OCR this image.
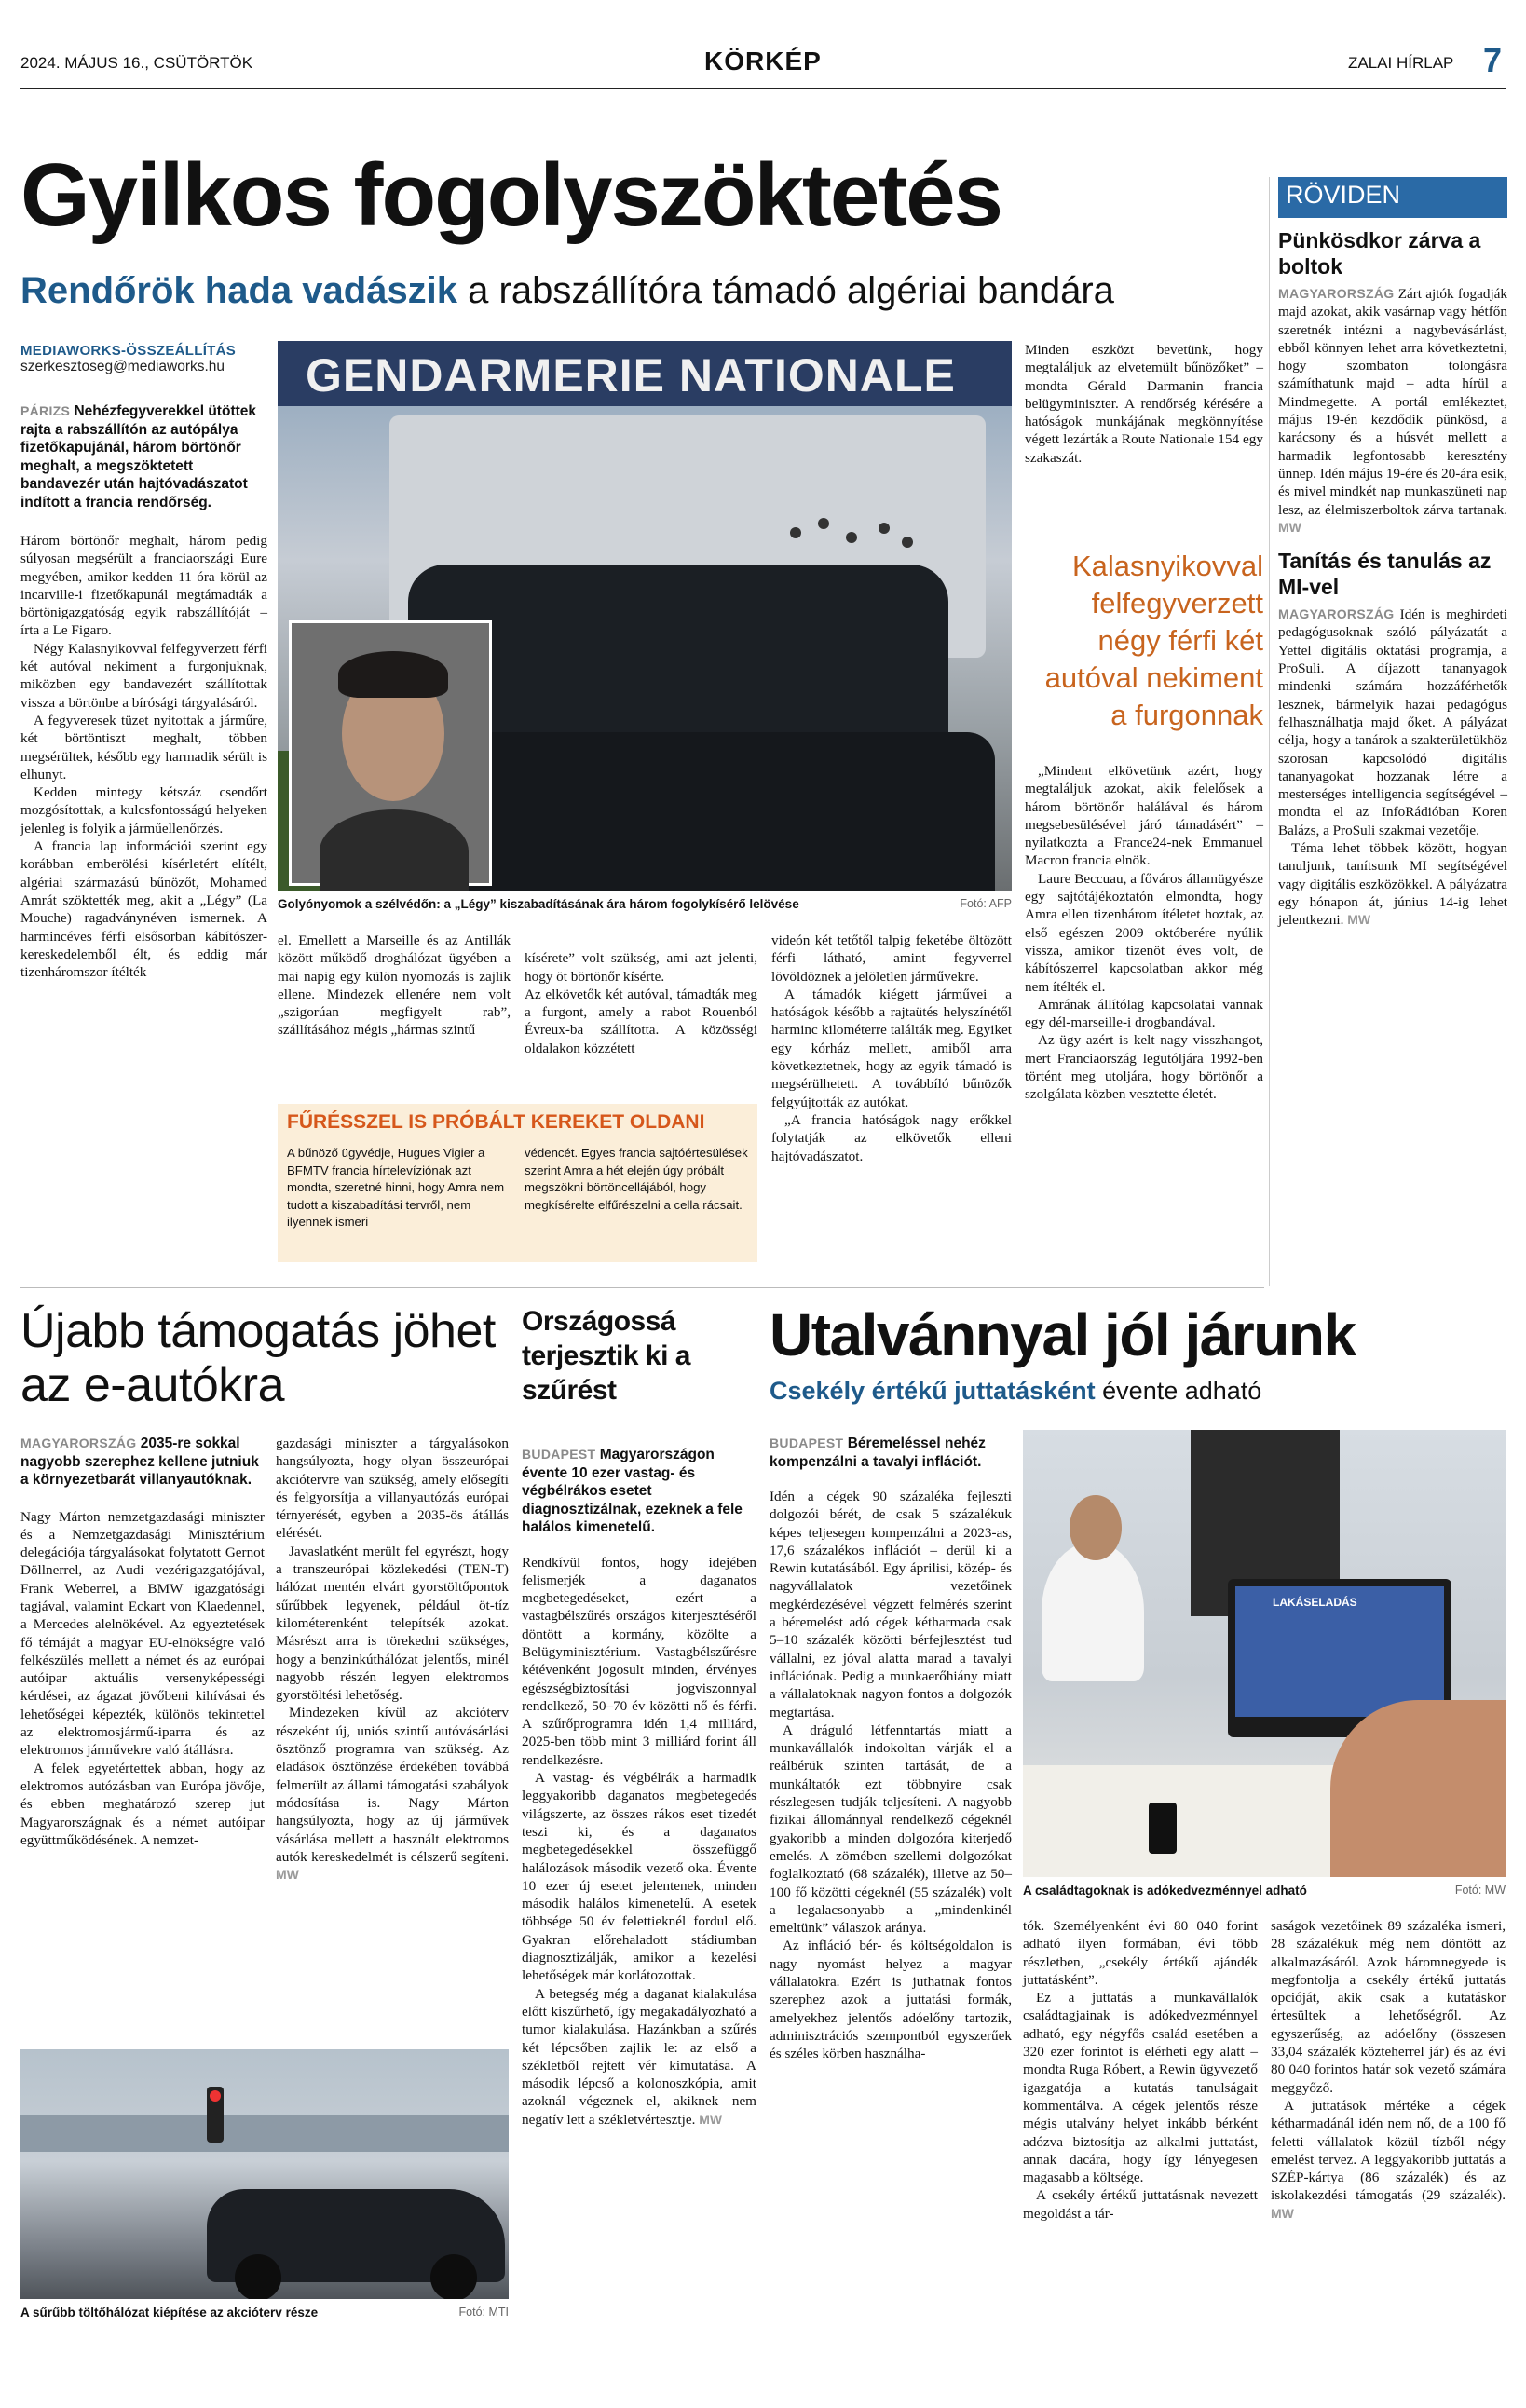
2024. MÁJUS 16., CSÜTÖRTÖK	KÖRKÉP	ZALAI HÍRLAP 7
Gyilkos fogolyszöktetés
Rendőrök hada vadászik a rabszállítóra támadó algériai bandára
MEDIAWORKS-ÖSSZEÁLLÍTÁS
szerkesztoseg@mediaworks.hu

PÁRIZS Nehézfegyverekkel ütöttek rajta a rabszállítón az autópálya fizetőkapujánál, három börtönőr meghalt, a megszöktetett bandavezér után hajtóvadászatot indított a francia rendőrség.

Három börtönőr meghalt, három pedig súlyosan megsérült a franciaországi Eure megyében, amikor kedden 11 óra körül az incarville-i fizetőkapunál megtámadták a börtönigazgatóság egyik rabszállítóját – írta a Le Figaro.

Négy Kalasnyikovval felfegyverzett férfi két autóval nekiment a furgonjuknak, miközben egy bandavezért szállítottak vissza a börtönbe a bírósági tárgyalásáról.

A fegyveresek tüzet nyitottak a járműre, két börtöntiszt meghalt, többen megsérültek, később egy harmadik sérült is elhunyt.

Kedden mintegy kétszáz csendőrt mozgósítottak, a kulcsfontosságú helyeken jelenleg is folyik a járműellenőrzés.

A francia lap információi szerint egy korábban emberölési kísérletért elítélt, algériai származású bűnözőt, Mohamed Amrát szöktették meg, akit a „Légy” (La Mouche) ragadványnéven ismernek. A harmincéves férfi elsősorban kábítószer-kereskedelemből élt, és eddig már tizenháromszor ítélték

GENDARMERIE NATIONALE
Golyónyomok a szélvédőn: a „Légy” kiszabadításának ára három fogolykísérő lelövése	Fotó: AFP

el. Emellett a Marseille és az Antillák között működő droghálózat ügyében a mai napig egy külön nyomozás is zajlik ellene. Mindezek ellenére nem volt „szigorúan megfigyelt rab”, szállításához mégis „hármas szintű

kísérete” volt szükség, ami azt jelenti, hogy öt börtönőr kísérte.
Az elkövetők két autóval, támadták meg a furgont, amely a rabot Rouenból Évreux-ba szállította. A közösségi oldalakon közzétett

FŰRÉSSZEL IS PRÓBÁLT KEREKET OLDANI
A bűnöző ügyvédje, Hugues Vigier a BFMTV francia hírtelevíziónak azt mondta, szeretné hinni, hogy Amra nem tudott a kiszabadítási tervről, nem ilyennek ismeri
védencét. Egyes francia sajtóértesülések szerint Amra a hét elején úgy próbált megszökni börtöncellájából, hogy megkísérelte elfűrészelni a cella rácsait.

videón két tetőtől talpig feketébe öltözött férfi látható, amint fegyverrel lövöldöznek a jelöletlen járművekre.

A támadók kiégett járművei a hatóságok később a rajtaütés helyszínétől harminc kilométerre találták meg. Egyiket egy kórház mellett, amiből arra következtetnek, hogy az egyik támadó is megsérülhetett. A továbbíló bűnözők felgyújtották az autókat.

„A francia hatóságok nagy erőkkel folytatják az elkövetők elleni hajtóvadászatot.

Minden eszközt bevetünk, hogy megtaláljuk az elvetemült bűnözőket” – mondta Gérald Darmanin francia belügyminiszter. A rendőrség kérésére a hatóságok munkájának megkönnyítése végett lezárták a Route Nationale 154 egy szakaszát.

Kalasnyikovval felfegyverzett négy férfi két autóval nekiment a furgonnak

„Mindent elkövetünk azért, hogy megtaláljuk azokat, akik felelősek a három börtönőr halálával és három megsebesülésével járó támadásért” – nyilatkozta a France24-nek Emmanuel Macron francia elnök.

Laure Beccuau, a főváros államügyésze egy sajtótájékoztatón elmondta, hogy Amra ellen tizenhárom ítéletet hoztak, az első egészen 2009 októberére nyúlik vissza, amikor tizenöt éves volt, de kábítószerrel kapcsolatban akkor még nem ítélték el.

Amrának állítólag kapcsolatai vannak egy dél-marseille-i drogbandával.

Az ügy azért is kelt nagy visszhangot, mert Franciaország legutóljára 1992-ben történt meg utoljára, hogy börtönőr a szolgálata közben vesztette életét.

RÖVIDEN
Pünkösdkor zárva a boltok

MAGYARORSZÁG Zárt ajtók fogadják majd azokat, akik vasárnap vagy hétfőn szeretnék intézni a nagybevásárlást, ebből könnyen lehet arra következtetni, hogy szombaton tolongásra számíthatunk majd – adta hírül a Mindmegette. A portál emlékeztet, május 19-én kezdődik pünkösd, a karácsony és a húsvét mellett a harmadik legfontosabb keresztény ünnep. Idén május 19-ére és 20-ára esik, és mivel mindkét nap munkaszüneti nap lesz, az élelmiszerboltok zárva tartanak. MW

Tanítás és tanulás az MI-vel

MAGYARORSZÁG Idén is meghirdeti pedagógusoknak szóló pályázatát a Yettel digitális oktatási programja, a ProSuli. A díjazott tananyagok mindenki számára hozzáférhetők lesznek, bármelyik hazai pedagógus felhasználhatja majd őket. A pályázat célja, hogy a tanárok a szakterületükhöz szorosan kapcsolódó digitális tananyagokat hozzanak létre a mesterséges intelligencia segítségével – mondta el az InfoRádióban Koren Balázs, a ProSuli szakmai vezetője.

Téma lehet többek között, hogyan tanuljunk, tanítsunk MI segítségével vagy digitális eszközökkel. A pályázatra egy hónapon át, június 14-ig lehet jelentkezni. MW

Újabb támogatás jöhet az e-autókra

MAGYARORSZÁG 2035-re sokkal nagyobb szerephez kellene jutniuk a környezetbarát villanyautóknak.

Nagy Márton nemzetgazdasági miniszter és a Nemzetgazdasági Minisztérium delegációja tárgyalásokat folytatott Gernot Döllnerrel, az Audi vezérigazgatójával, Frank Weberrel, a BMW igazgatósági tagjával, valamint Eckart von Klaedennel, a Mercedes alelnökével. Az egyeztetések fő témáját a magyar EU-elnökségre való felkészülés mellett a német és az európai autóipar aktuális versenyképességi kérdései, az ágazat jövőbeni kihívásai és lehetőségei képezték, különös tekintettel az elektromosjármű-iparra és az elektromos járművekre való átállásra.

A felek egyetértettek abban, hogy az elektromos autózásban van Európa jövője, és ebben meghatározó szerep jut Magyarországnak és a német autóipar együttműködésének. A nemzet-

gazdasági miniszter a tárgyalásokon hangsúlyozta, hogy olyan összeurópai akciótervre van szükség, amely elősegíti és felgyorsítja a villanyautózás európai térnyerését, egyben a 2035-ös átállás elérését.

Javaslatként merült fel egyrészt, hogy a transzeurópai közlekedési (TEN-T) hálózat mentén elvárt gyorstöltőpontok sűrűbbek legyenek, például öt-tíz kilométerenként telepítsék azokat. Másrészt arra is törekedni szükséges, hogy a benzinkúthálózat jelentős, minél nagyobb részén legyen elektromos gyorstöltési lehetőség.

Mindezeken kívül az akcióterv részeként új, uniós szintű autóvásárlási ösztönző programra van szükség. Az eladások ösztönzése érdekében továbbá felmerült az állami támogatási szabályok módosítása is. Nagy Márton hangsúlyozta, hogy az új járművek vásárlása mellett a használt elektromos autók kereskedelmét is célszerű segíteni. MW

A sűrűbb töltőhálózat kiépítése az akcióterv része	Fotó: MTI
Országossá terjesztik ki a szűrést

BUDAPEST Magyarországon évente 10 ezer vastag- és végbélrákos esetet diagnosztizálnak, ezeknek a fele halálos kimenetelű.

Rendkívül fontos, hogy idejében felismerjék a daganatos megbetegedéseket, ezért a vastagbélszűrés országos kiterjesztéséről döntött a kormány, közölte a Belügyminisztérium. Vastagbélszűrésre kétévenként jogosult minden, érvényes egészségbiztosítási jogviszonnyal rendelkező, 50–70 év közötti nő és férfi. A szűrőprogramra idén 1,4 milliárd, 2025-ben több mint 3 milliárd forint áll rendelkezésre.

A vastag- és végbélrák a harmadik leggyakoribb daganatos megbetegedés világszerte, az összes rákos eset tizedét teszi ki, és a daganatos megbetegedésekkel összefüggő halálozások második vezető oka. Évente 10 ezer új esetet jelentenek, minden második halálos kimenetelű. A esetek többsége 50 év felettieknél fordul elő. Gyakran előrehaladott stádiumban diagnosztizálják, amikor a kezelési lehetőségek már korlátozottak.

A betegség még a daganat kialakulása előtt kiszűrhető, így megakadályozható a tumor kialakulása. Hazánkban a szűrés két lépcsőben zajlik le: az első a székletből rejtett vér kimutatása. A második lépcső a kolonoszkópia, amit azoknál végeznek el, akiknek nem negatív lett a székletvértesztje. MW

Utalvánnyal jól járunk
Csekély értékű juttatásként évente adható

BUDAPEST Béremeléssel nehéz kompenzálni a tavalyi inflációt.

Idén a cégek 90 százaléka fejleszti dolgozói bérét, de csak 5 százalékuk képes teljesegen kompenzálni a 2023-as, 17,6 százalékos inflációt – derül ki a Rewin kutatásából. Egy áprilisi, közép- és nagyvállalatok vezetőinek megkérdezésével végzett felmérés szerint a béremelést adó cégek kétharmada csak 5–10 százalék közötti bérfejlesztést tud vállalni, ez jóval alatta marad a tavalyi inflációnak. Pedig a munkaerőhiány miatt a vállalatoknak nagyon fontos a dolgozók megtartása.

A dráguló létfenntartás miatt a munkavállalók indokoltan várják el a reálbérük szinten tartását, de a munkáltatók ezt többnyire csak részlegesen tudják teljesíteni. A nagyobb fizikai állománnyal rendelkező cégeknél gyakoribb a minden dolgozóra kiterjedő emelés. A zömében szellemi dolgozókat foglalkoztató (68 százalék), illetve az 50–100 fő közötti cégeknél (55 százalék) volt a legalacsonyabb a „mindenkinél emeltünk” válaszok aránya.

Az infláció bér- és költségoldalon is nagy nyomást helyez a magyar vállalatokra. Ezért is juthatnak fontos szerephez azok a juttatási formák, amelyekhez jelentős adóelőny tartozik, adminisztrációs szempontból egyszerűek és széles körben használha-

LAKÁSELADÁS
A családtagoknak is adókedvezménnyel adható	Fotó: MW

tók. Személyenként évi 80 040 forint adható ilyen formában, évi több részletben, „csekély értékű ajándék juttatásként”.

Ez a juttatás a munkavállalók családtagjainak is adókedvezménnyel adható, egy négyfős család esetében a 320 ezer forintot is elérheti egy alatt – mondta Ruga Róbert, a Rewin ügyvezető igazgatója a kutatás tanulságait kommentálva. A cégek jelentős része mégis utalvány helyet inkább bérként adózva biztosítja az alkalmi juttatást, annak dacára, hogy így lényegesen magasabb a költsége.

A csekély értékű juttatásnak nevezett megoldást a tár-

saságok vezetőinek 89 százaléka ismeri, 28 százalékuk még nem döntött az alkalmazásáról. Azok háromnegyede is megfontolja a csekély értékű juttatás opcióját, akik csak a kutatáskor értesültek a lehetőségről. Az egyszerűség, az adóelőny (összesen 33,04 százalék közteherrel jár) és az évi 80 040 forintos határ sok vezető számára meggyőző.

A juttatások mértéke a cégek kétharmadánál idén nem nő, de a 100 fő feletti vállalatok közül tízből négy emelést tervez. A leggyakoribb juttatás a SZÉP-kártya (86 százalék) és az iskolakezdési támogatás (29 százalék). MW
